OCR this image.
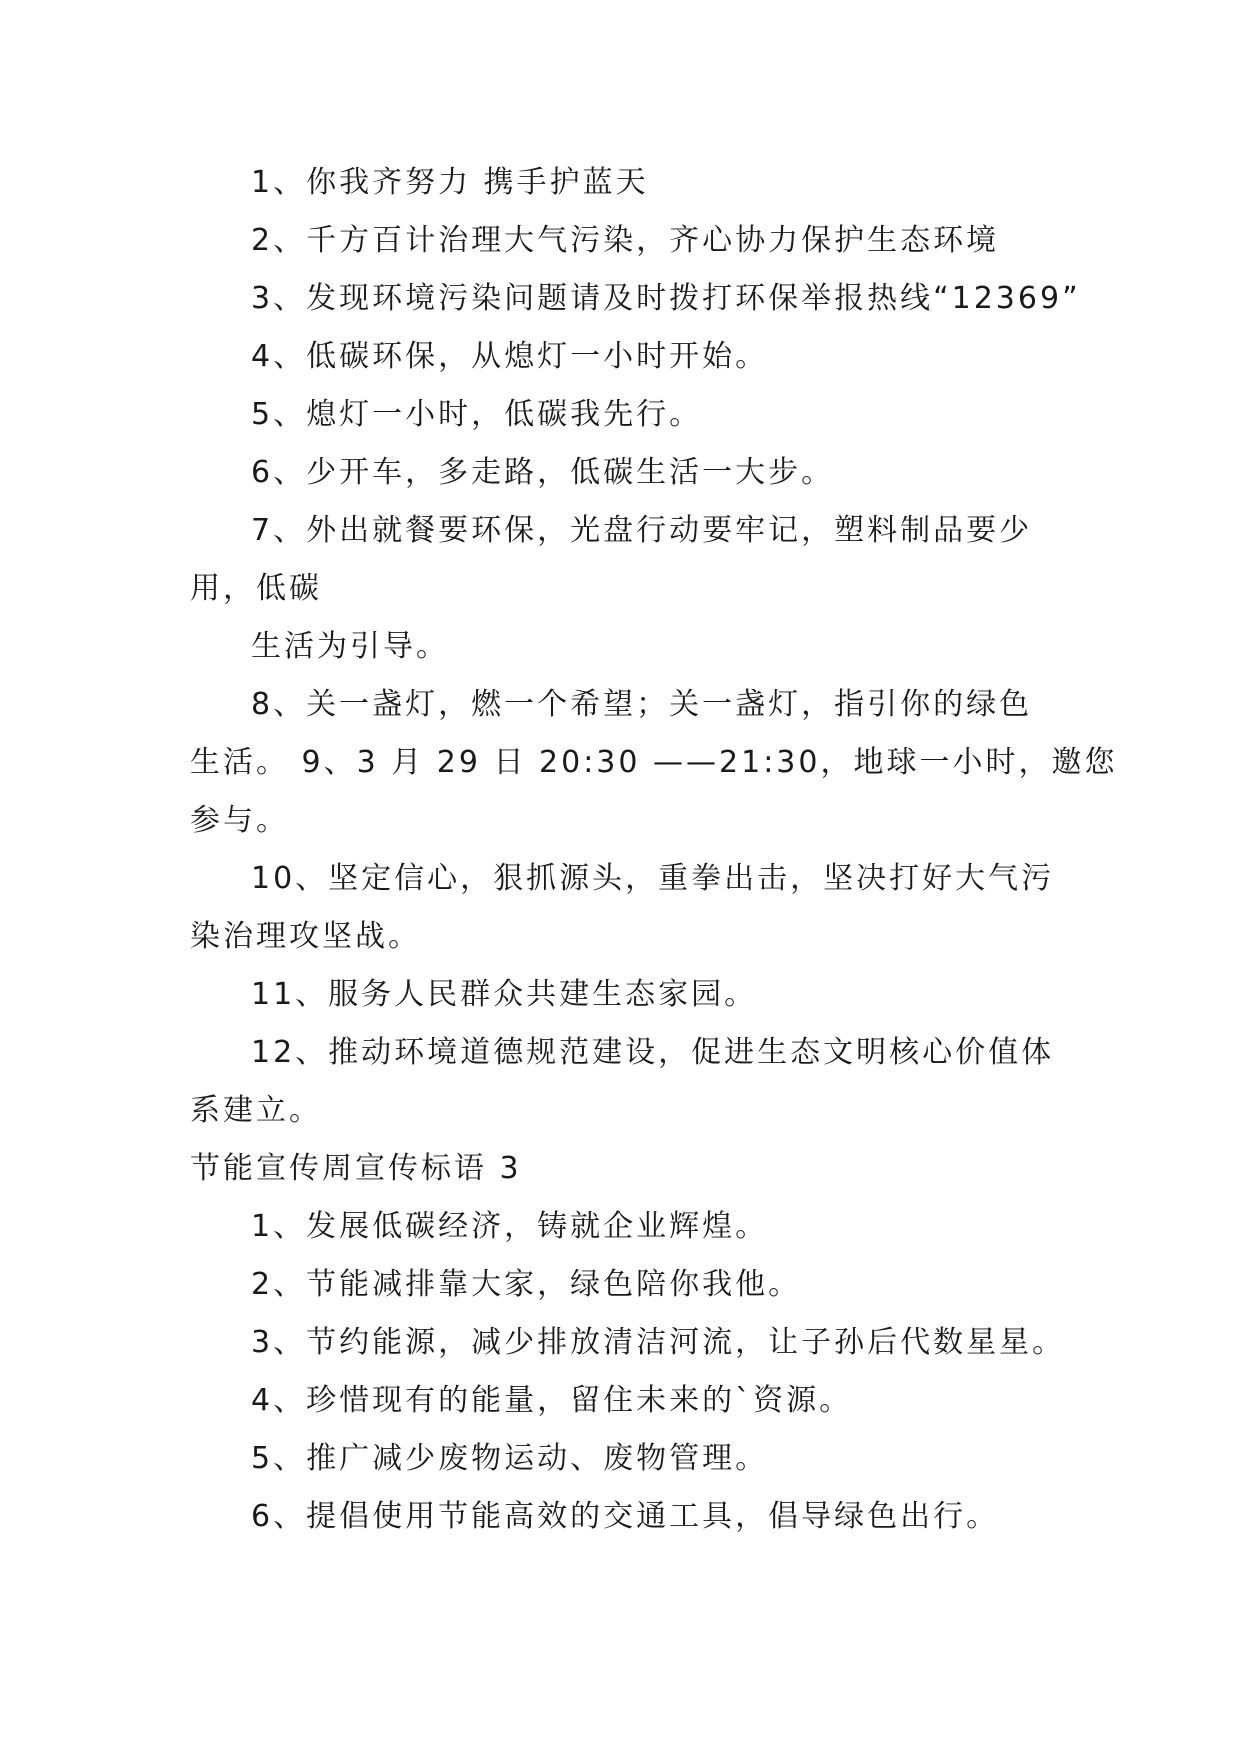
1、你我齐努力 携手护蓝天
2、千方百计治理大气污染，齐心协力保护生态环境
3、发现环境污染问题请及时拨打环保举报热线“12369”
4、低碳环保，从熄灯一小时开始。
5、熄灯一小时，低碳我先行。
6、少开车，多走路，低碳生活一大步。
7、外出就餐要环保，光盘行动要牢记，塑料制品要少
用，低碳
生活为引导。
8、关一盏灯，燃一个希望；关一盏灯，指引你的绿色
生活。 9、3 月 29 日 20:30 ——21:30，地球一小时，邀您
参与。
10、坚定信心，狠抓源头，重拳出击，坚决打好大气污
染治理攻坚战。
11、服务人民群众共建生态家园。
12、推动环境道德规范建设，促进生态文明核心价值体
系建立。
节能宣传周宣传标语 3
1、发展低碳经济，铸就企业辉煌。
2、节能减排靠大家，绿色陪你我他。
3、节约能源，减少排放清洁河流，让子孙后代数星星。
4、珍惜现有的能量，留住未来的`资源。
5、推广减少废物运动、废物管理。
6、提倡使用节能高效的交通工具，倡导绿色出行。
